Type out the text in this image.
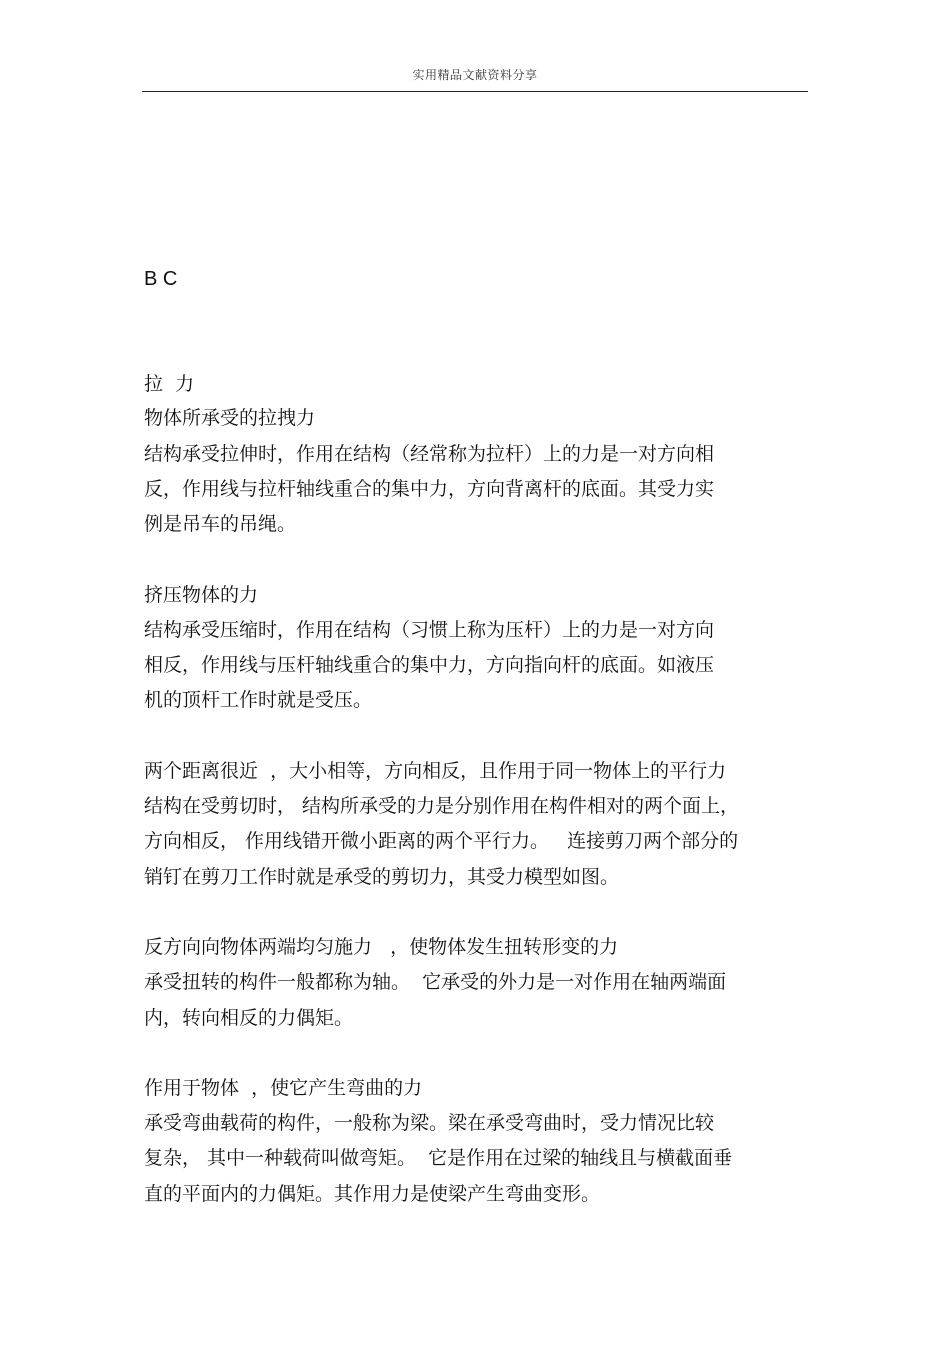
实用精品文献资料分享
B C
拉  力
物体所承受的拉拽力
结构承受拉伸时，作用在结构（经常称为拉杆）上的力是一对方向相
反，作用线与拉杆轴线重合的集中力，方向背离杆的底面。其受力实
例是吊车的吊绳。
挤压物体的力
结构承受压缩时，作用在结构（习惯上称为压杆）上的力是一对方向
相反，作用线与压杆轴线重合的集中力，方向指向杆的底面。如液压
机的顶杆工作时就是受压。
两个距离很近  ，大小相等，方向相反，且作用于同一物体上的平行力
结构在受剪切时， 结构所承受的力是分别作用在构件相对的两个面上，
方向相反， 作用线错开微小距离的两个平行力。   连接剪刀两个部分的
销钉在剪刀工作时就是承受的剪切力，其受力模型如图。
反方向向物体两端均匀施力   ，使物体发生扭转形变的力
承受扭转的构件一般都称为轴。  它承受的外力是一对作用在轴两端面
内，转向相反的力偶矩。
作用于物体  ，使它产生弯曲的力
承受弯曲载荷的构件，一般称为梁。梁在承受弯曲时，受力情况比较
复杂， 其中一种载荷叫做弯矩。  它是作用在过梁的轴线且与横截面垂
直的平面内的力偶矩。其作用力是使梁产生弯曲变形。
